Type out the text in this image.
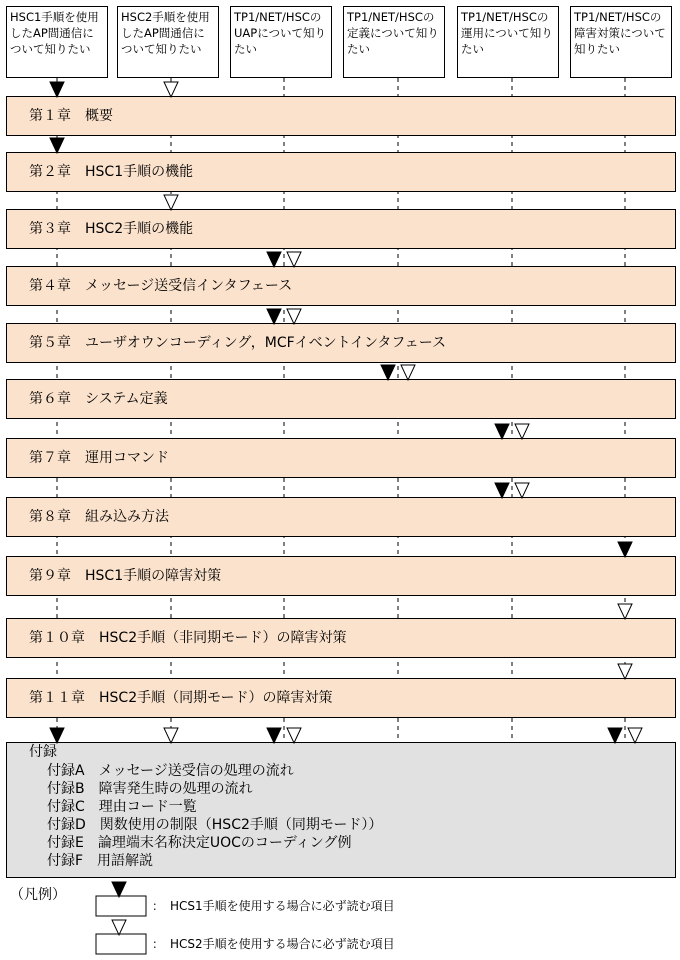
HSC1手順を使用したAP間通信について知りたい
HSC2手順を使用したAP間通信について知りたい
TP1/NET/HSCのUAPについて知りたい
TP1/NET/HSCの定義について知りたい
TP1/NET/HSCの運用について知りたい
TP1/NET/HSCの障害対策について知りたい
第１章　概要
第２章　HSC1手順の機能
第３章　HSC2手順の機能
第４章　メッセージ送受信インタフェース
第５章　ユーザオウンコーディング，MCFイベントインタフェース
第６章　システム定義
第７章　運用コマンド
第８章　組み込み方法
第９章　HSC1手順の障害対策
第１０章　HSC2手順（非同期モード）の障害対策
第１１章　HSC2手順（同期モード）の障害対策
付録
付録A　メッセージ送受信の処理の流れ
付録B　障害発生時の処理の流れ
付録C　理由コード一覧
付録D　関数使用の制限（HSC2手順（同期モード））
付録E　論理端末名称決定UOCのコーディング例
付録F　用語解説
（凡例）
：　HCS1手順を使用する場合に必ず読む項目
：　HCS2手順を使用する場合に必ず読む項目
